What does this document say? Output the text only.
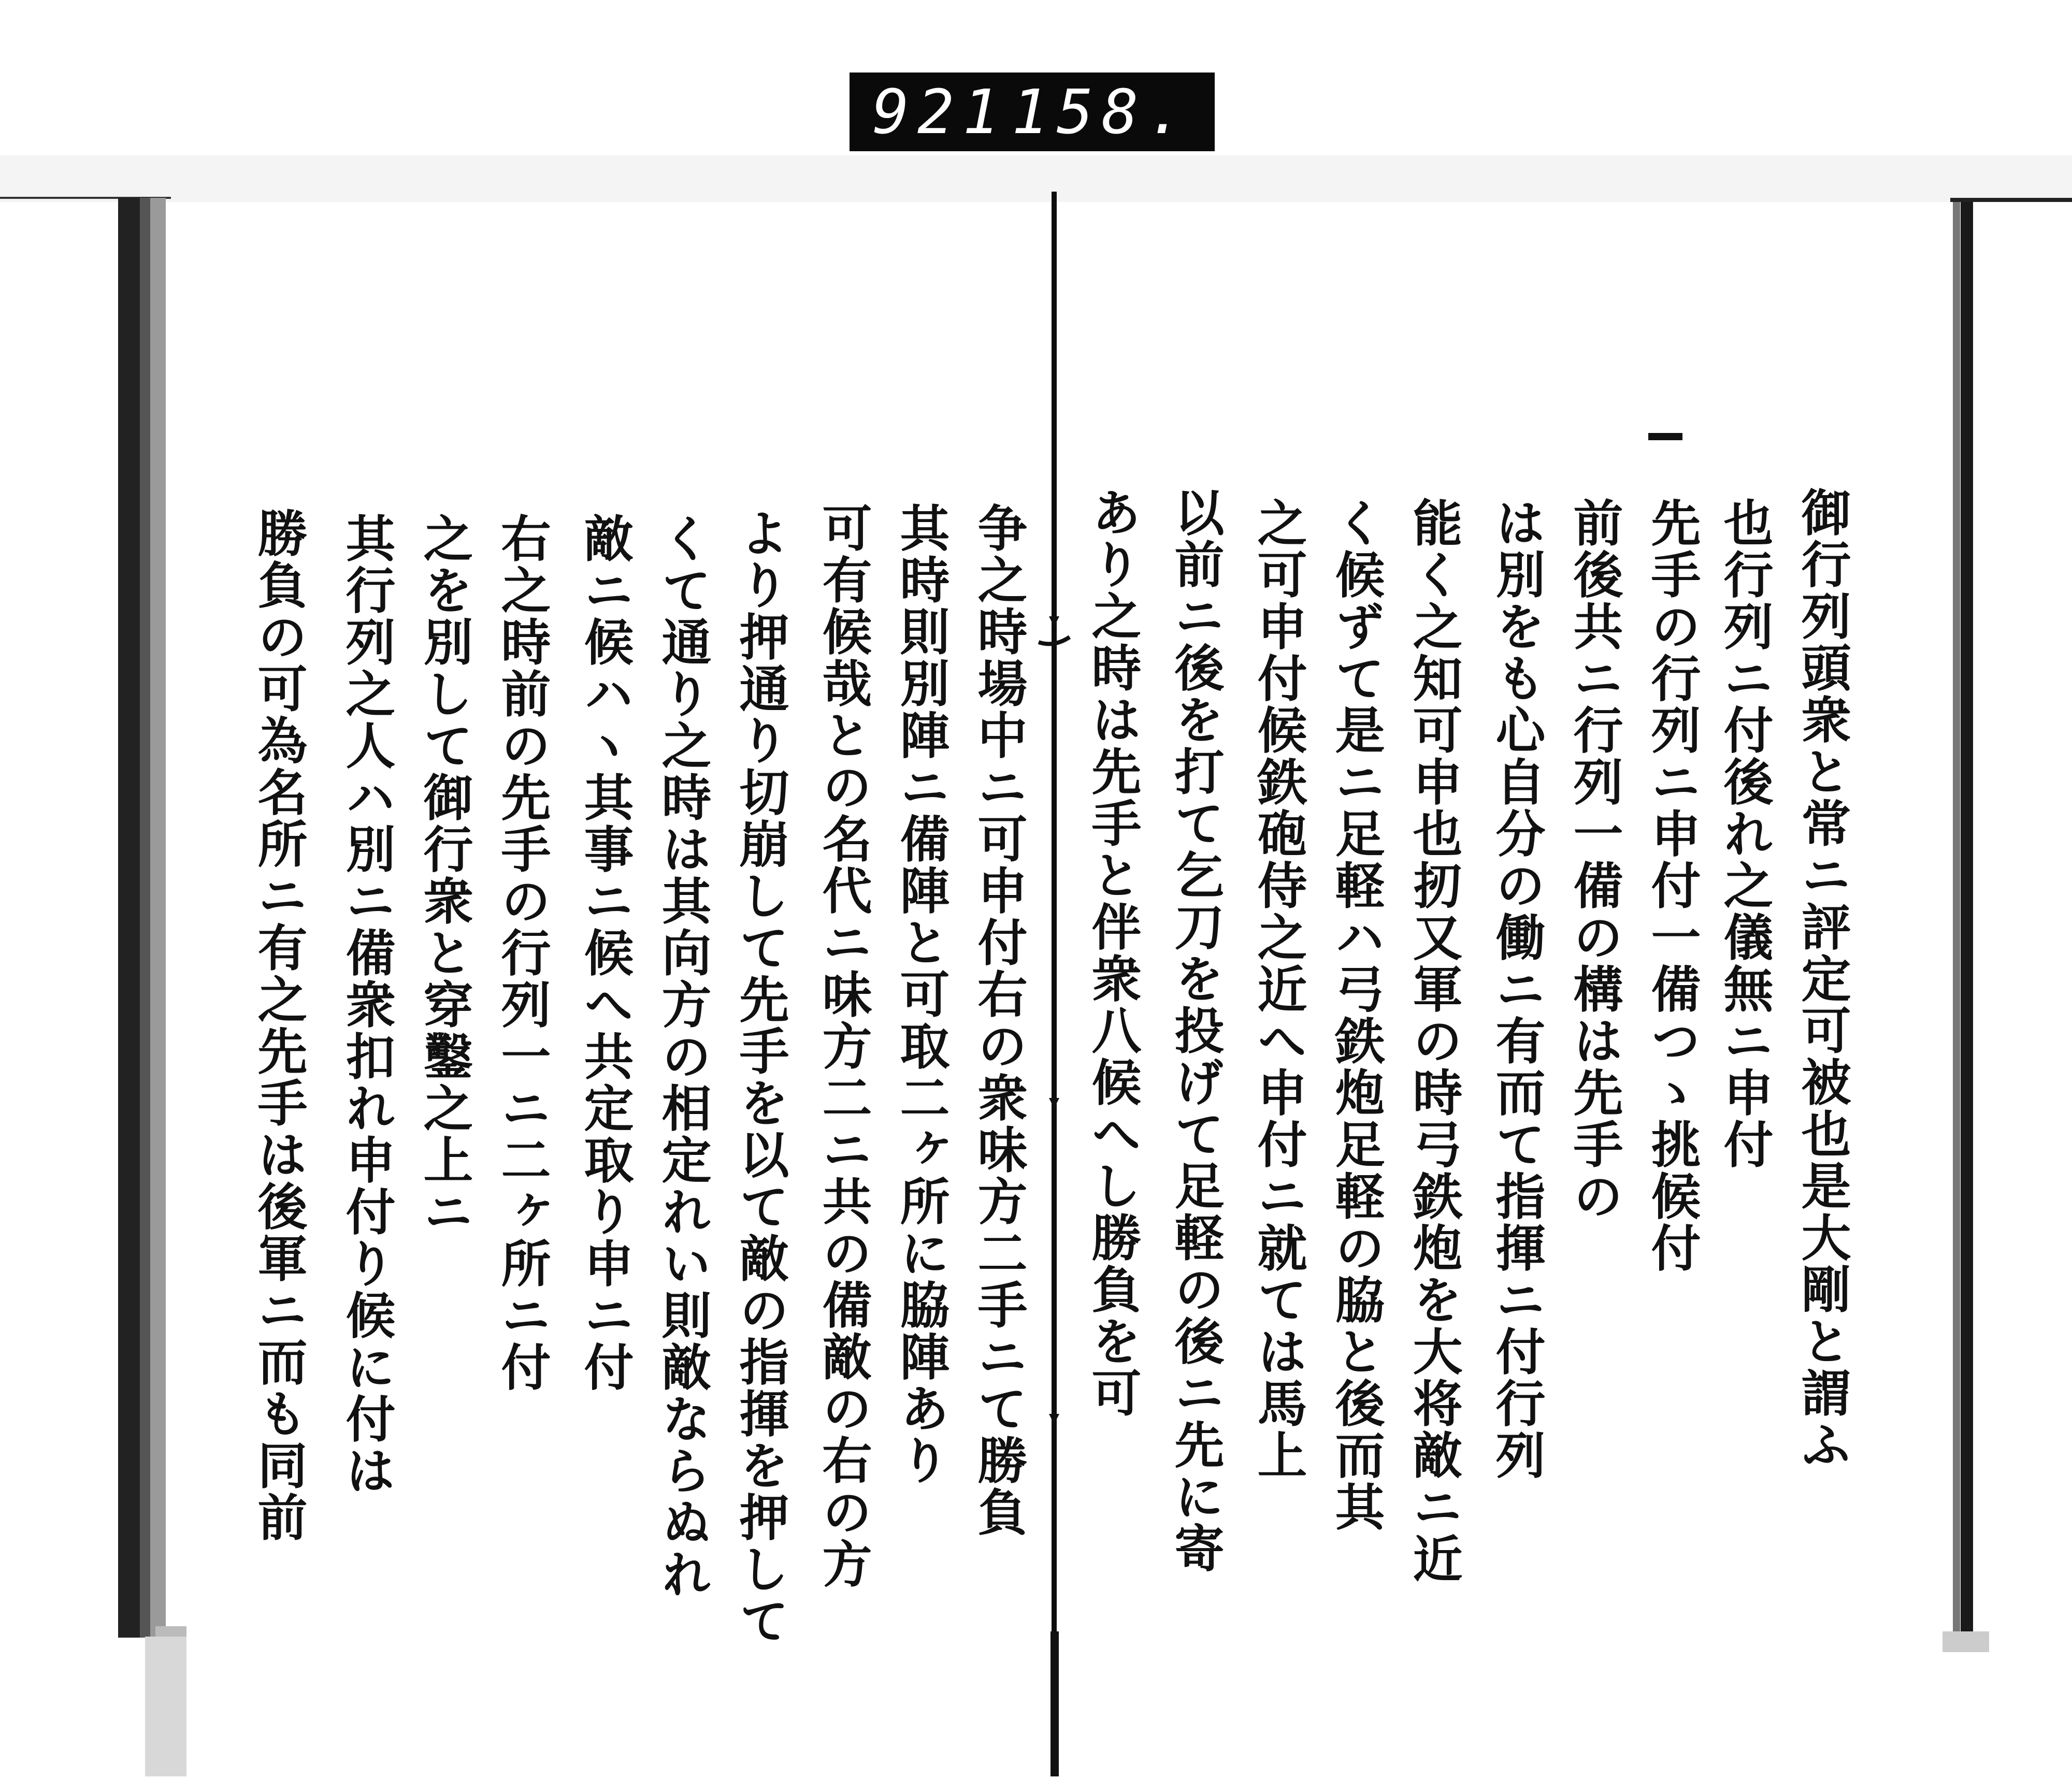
921 158.
御行列頭衆と常ニ評定可被也是大剛と謂ふ
也行列ニ付後れ之儀無ニ申付
先手の行列ニ申付一備つゝ挑候付
前後共ニ行列一備の構は先手の
は別をも心自分の働ニ有而て指揮ニ付行列
能く之知可申也扨又軍の時弓鉄炮を大将敵ニ近
く候ずて是ニ足軽ハ弓鉄炮足軽の脇と後而其
之可申付候鉄砲侍之近へ申付ニ就ては馬上
以前ニ後を打て乞刀を投げて足軽の後ニ先に寄
あり之時は先手と伴衆八候へし勝負を可
争之時場中ニ可申付右の衆味方二手ニて勝負
其時則別陣ニ備陣と可取二ヶ所に脇陣あり
可有候哉との名代ニ味方二ニ共の備敵の右の方
より押通り切崩して先手を以て敵の指揮を押して
くて通り之時は其向方の相定れい則敵ならぬれ
敵ニ候ハヽ其事ニ候へ共定取り申ニ付
右之時前の先手の行列一ニ二ヶ所ニ付
之を別して御行衆と穿鑿之上ニ
其行列之人ハ別ニ備衆扣れ申付り候に付は
勝負の可為名所ニ有之先手は後軍ニ而も同前
